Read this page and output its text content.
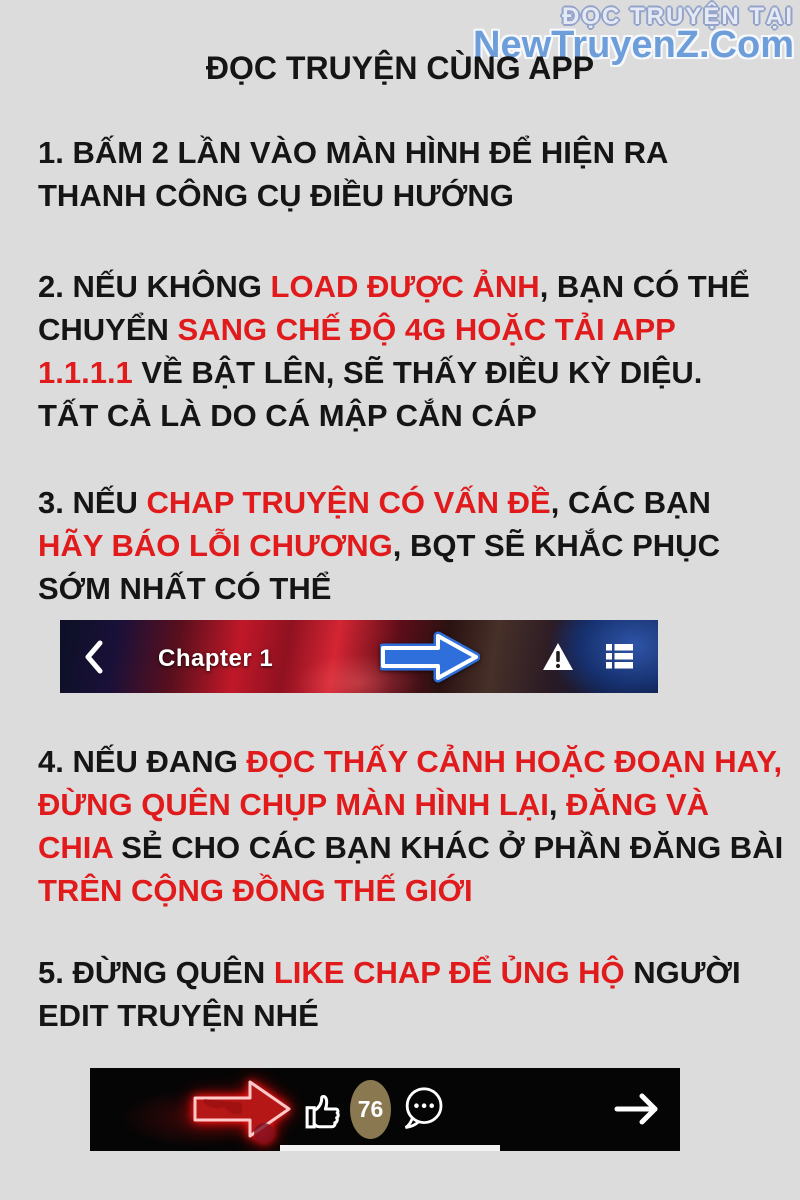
ĐỌC TRUYỆN TẠI
NewTruyenZ.Com
ĐỌC TRUYỆN CÙNG APP
1. BẤM 2 LẦN VÀO MÀN HÌNH ĐỂ HIỆN RA
THANH CÔNG CỤ ĐIỀU HƯỚNG
2. NẾU KHÔNG LOAD ĐƯỢC ẢNH, BẠN CÓ THỂ
CHUYỂN SANG CHẾ ĐỘ 4G HOẶC TẢI APP
1.1.1.1 VỀ BẬT LÊN, SẼ THẤY ĐIỀU KỲ DIỆU.
TẤT CẢ LÀ DO CÁ MẬP CẮN CÁP
3. NẾU CHAP TRUYỆN CÓ VẤN ĐỀ, CÁC BẠN
HÃY BÁO LỖI CHƯƠNG, BQT SẼ KHẮC PHỤC
SỚM NHẤT CÓ THỂ
4. NẾU ĐANG ĐỌC THẤY CẢNH HOẶC ĐOẠN HAY,
ĐỪNG QUÊN CHỤP MÀN HÌNH LẠI, ĐĂNG VÀ
CHIA SẺ CHO CÁC BẠN KHÁC Ở PHẦN ĐĂNG BÀI
TRÊN CỘNG ĐỒNG THẾ GIỚI
5. ĐỪNG QUÊN LIKE CHAP ĐỂ ỦNG HỘ NGƯỜI
EDIT TRUYỆN NHÉ
Chapter 1
76
